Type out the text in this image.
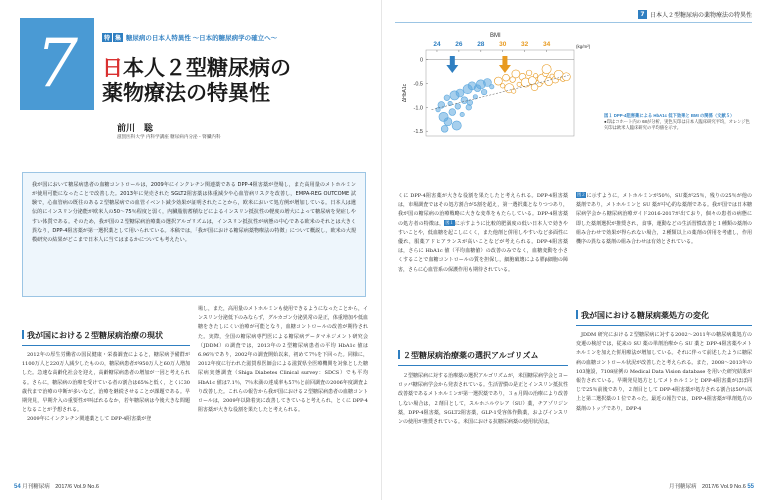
7	特 集 糖尿病の日本人特異性 ～日本的糖尿病学の確立へ～
日本人２型糖尿病の
薬物療法の特異性
前川　聡
滋賀医科大学 内科学講座 糖尿病内分泌・腎臓内科

我が国において糖尿病患者の血糖コントロールは，2009年にインクレチン関連薬である DPP-4阻害薬が登場し，また高用量のメトホルミンが使用可能になったことで改善した。2013年に発売された SGLT2阻害薬は体重減少や心血管病リスクを改善し，EMPA-REG OUTCOME 試験で，心血管病の既往のある２型糖尿病での血管イベント減少効果が証明されたことから，欧米において処方例が増加している。日本人は遺伝的にインスリン分泌能が欧米人の50～75％程度と弱く，内臓脂肪蓄積などによるインスリン抵抗性の軽度の増大によって糖尿病を発症しやすい体質である。そのため，我が国の２型糖尿病治療薬の選択アルゴリズムは，インスリン抵抗性が病態の中心である欧米のそれとは大きく異なり，DPP-4阻害薬が第一選択薬として用いられている。本稿では，「我が国における糖尿病薬物療法の特徴」について概説し，欧米の大規模研究の結果がどこまで日本人に当てはまるかについても考えたい。

我が国における２型糖尿病治療の現状

2012年の厚生労働省の国民健康・栄養調査によると，糖尿病予備群が1100万人と220万人減少したものの，糖尿病患者が950万人と60万人増加した。急速な高齢化社会を迎え，高齢糖尿病患者の増加が一因と考えられる。さらに，糖尿病の治療を受けている者の割合は65%と低く，とくに30歳代まで治療の中断が多いなど，治療を継続させることが課題である。早期発見，早期介入の重要性が叫ばれるなか，若年糖尿病は今後大きな問題となることが予想される。

2009年にインクレチン関連薬として DPP-4阻害薬が登

場し，また，高用量のメトホルミンも使用できるようになったことから，インスリン分泌低下のみならず，グルカゴン分泌異常の是正，体重増加や低血糖をきたしにくい治療が可能となり，血糖コントロールの改善が期待された。実際，全国の糖尿病専門医による糖尿病データマネジメント研究会（JDDM）の調査では，2013年の２型糖尿病患者の平均 HbA1c 値は6.96％であり，2002年の調査開始以来，初めて7％を下回った。同様に，2012年度に行われた滋賀県医師会による滋賀県全医療機関を対象とした糖尿病実態調査（Shiga Diabetes Clinical survey：SDCS）でも平均 HbA1c 値は7.1％，7％未満の達成率も57％と前回調査の2006年度調査より改善した。これらの報告から我が国における２型糖尿病患者の血糖コントロールは，2009年以降着実に改善してきていると考えられ，とくに DPP-4阻害薬が大きな役割を果たしたと考えられる。

54 月刊糖尿病　2017/6 Vol.9 No.6
7 日本人２型糖尿病の薬物療法の特異性
BMI
(kg/m²)
24 26 28 30 32 34
ΔHbA1c
0
-0.5
-1.0
-1.5
図１ DPP-4阻害薬による HbA1c 低下効果と BMI の関係（文献５）
●印はコホート内の 68が分析，実色矢印は日本人臨床研究平均，オレンジ色矢印は欧米人臨床研究の平均値を示す。

くに DPP-4阻害薬が大きな役割を果たしたと考えられる。DPP-4阻害薬は，市場調査ではその処方割合が5割を超え，第一選択薬となりつつあり，我が国の糖尿病の治療戦略に大きな変革をもたらしている。DPP-4阻害薬の処方者の特徴は，図１に示すように比較的肥満度の低い日本人で効きやすいことや，低血糖を起こしにくく，また他剤と併用しやすいなど多面性に優れ，服薬アドヒアランスが高いことなどが考えられる。DPP-4阻害薬は，さらに HbA1c 値（平均血糖値）の改善のみでなく，血糖変動を小さくすることで血糖コントロールの質を担保し，細胞破壊による膵β細胞の障害，さらに心血管系の保護作用も期待されている。

２型糖尿病治療薬の選択アルゴリズム

２型糖尿病に対する治療薬の選択アルゴリズムが，米国糖尿病学会とヨーロッパ糖尿病学会から発表されている。生活習慣の是正とインスリン抵抗性改善薬であるメトホルミンが第一選択薬であり，３ヵ月間の治療により改善しない場合は，２剤目として，スルホニルウレア（SU）薬，チアゾリジン薬，DPP-4阻害薬，SGLT2阻害薬，GLP-1受容体作動薬，およびインスリンの使用が推奨されている。米国における抗糖尿病薬の使用状況は，

図２に示すように，メトホルミンが50％，SU薬が25％，残りの25％が他の薬剤であり，メトホルミンと SU 薬が中心的な薬剤である。我が国では日本糖尿病学会から糖尿病治療ガイド2016-2017が出ており，個々の患者の病態に即した薬剤選択が推奨され，食事，運動などの生活習慣改善と１種類の薬剤の組み合わせで効果が得られない場合，２種類以上の薬剤の併用を考慮し，作用機序の異なる薬剤の組み合わせは有効とされている。

我が国における糖尿病薬処方の変化

JDDM 研究における２型糖尿病に対する2002～2011年の糖尿病薬処方の変遷の検討では，従来の SU 薬の単剤治療から SU 薬と DPP-4阻害薬やメトホルミンを加えた併用療法が増加している。それに伴って前述したように糖尿病の血糖コントロール状況が改善したと考えられる。また，2008～2013年の103施設，7108症例の Medical Data Vision database を用いた研究結果が報告されている。早期発見処方としてメトホルミンと DPP-4阻害薬がほぼ同じで25％前後であり，２剤目として DPP-4阻害薬が処方される割合は50％以上と第二選択薬の１位であった。最近の報告では，DPP-4阻害薬が単剤処方の薬剤のトップであり，DPP-4

月刊糖尿病　2017/6 Vol.9 No.6 55
